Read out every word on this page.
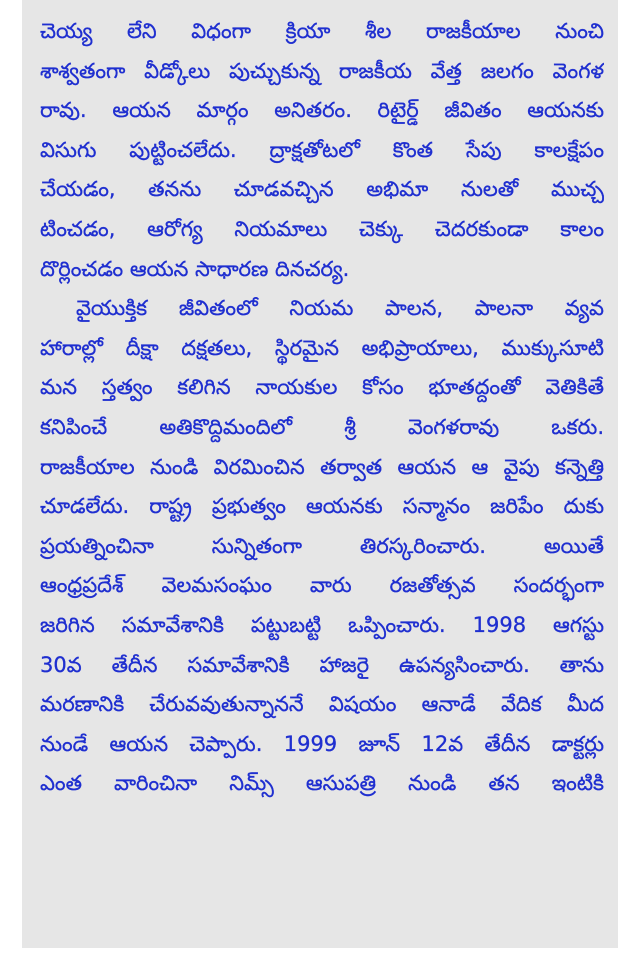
చెయ్య లేని విధంగా క్రియా శీల రాజకీయాల నుంచి
శాశ్వతంగా వీడ్కోలు పుచ్చుకున్న రాజకీయ వేత్త జలగం వెంగళ
రావు. ఆయన మార్గం అనితరం. రిటైర్డ్ జీవితం ఆయనకు
విసుగు పుట్టించలేదు. ద్రాక్షతోటలో కొంత సేపు కాలక్షేపం
చేయడం, తనను చూడవచ్చిన అభిమా నులతో ముచ్చ
టించడం, ఆరోగ్య నియమాలు చెక్కు చెదరకుండా కాలం
దొర్లించడం ఆయన సాధారణ దినచర్య.
వైయుక్తిక జీవితంలో నియమ పాలన, పాలనా వ్యవ
హారాల్లో దీక్షా దక్షతలు, స్థిరమైన అభిప్రాయాలు, ముక్కుసూటి
మన స్తత్వం కలిగిన నాయకుల కోసం భూతద్దంతో వెతికితే
కనిపించే అతికొద్దిమందిలో శ్రీ వెంగళరావు ఒకరు.
రాజకీయాల నుండి విరమించిన తర్వాత ఆయన ఆ వైపు కన్నెత్తి
చూడలేదు. రాష్ట్ర ప్రభుత్వం ఆయనకు సన్మానం జరిపేం దుకు
ప్రయత్నించినా సున్నితంగా తిరస్కరించారు. అయితే
ఆంధ్రప్రదేశ్ వెలమసంఘం వారు రజతోత్సవ సందర్భంగా
జరిగిన సమావేశానికి పట్టుబట్టి ఒప్పించారు. 1998 ఆగస్టు
30వ తేదీన సమావేశానికి హాజరై ఉపన్యసించారు. తాను
మరణానికి చేరువవుతున్నాననే విషయం ఆనాడే వేదిక మీద
నుండే ఆయన చెప్పారు. 1999 జూన్ 12వ తేదీన డాక్టర్లు
ఎంత వారించినా నిమ్స్ ఆసుపత్రి నుండి తన ఇంటికి
